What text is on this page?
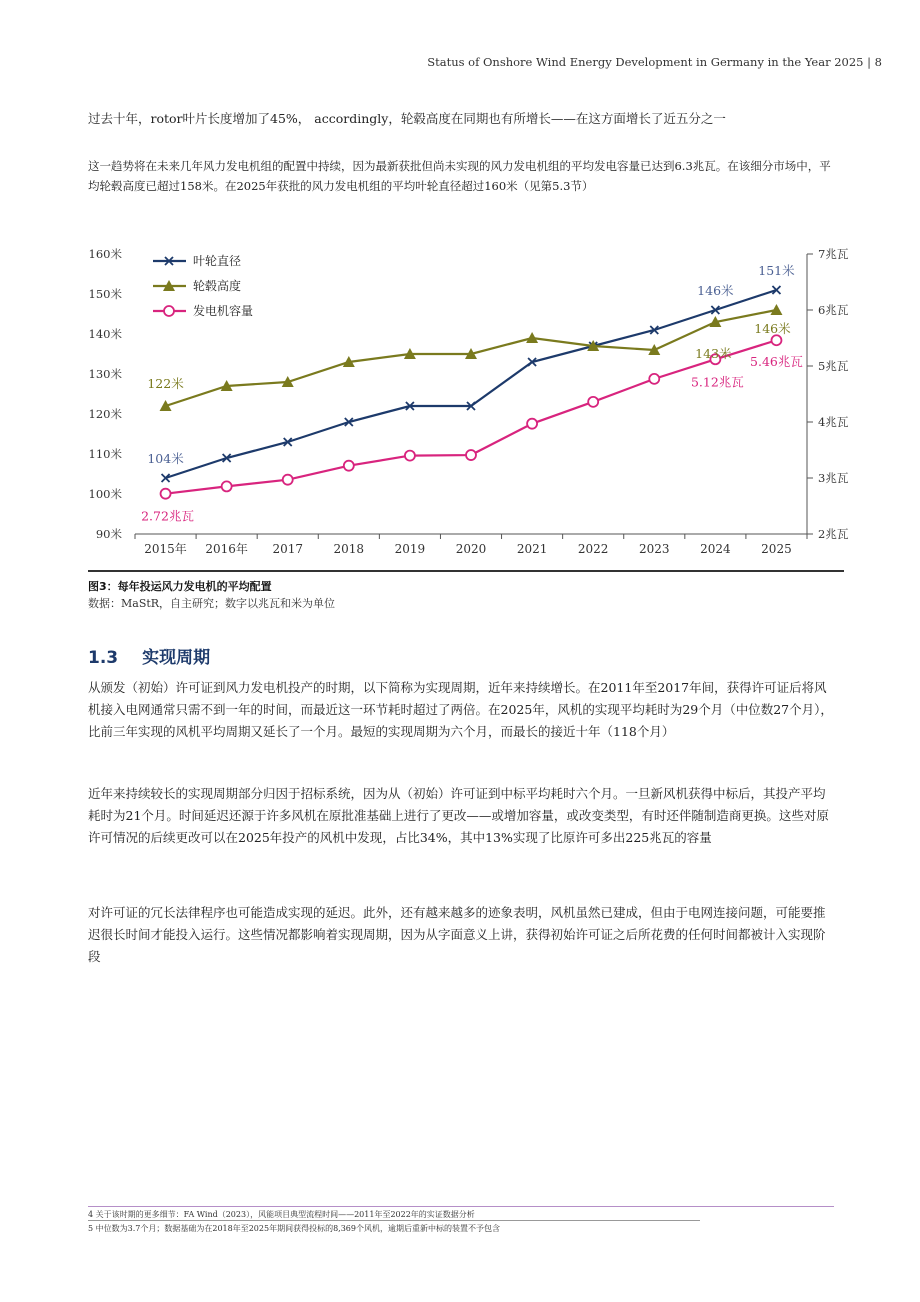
Status of Onshore Wind Energy Development in Germany in the Year 2025 | 8
过去十年，rotor叶片长度增加了45%， accordingly，轮毂高度在同期也有所增长——在这方面增长了近五分之一
这一趋势将在未来几年风力发电机组的配置中持续，因为最新获批但尚未实现的风力发电机组的平均发电容量已达到6.3兆瓦。在该细分市场中，平均轮毂高度已超过158米。在2025年获批的风力发电机组的平均叶轮直径超过160米（见第5.3节）
160米
150米
140米
130米
120米
110米
100米
90米
7兆瓦
6兆瓦
5兆瓦
4兆瓦
3兆瓦
2兆瓦
2015年 2016年 2017	2018	2019	2020	2021	2022	2023	2024	2025
104米
146米
151米
122米
143米
146米
2.72兆瓦
5.12兆瓦
5.46兆瓦
叶轮直径
轮毂高度
发电机容量
图3：每年投运风力发电机的平均配置
数据：MaStR，自主研究；数字以兆瓦和米为单位
1.3 实现周期
从颁发（初始）许可证到风力发电机投产的时期，以下简称为实现周期，近年来持续增长。在2011年至2017年间，获得许可证后将风机接入电网通常只需不到一年的时间，而最近这一环节耗时超过了两倍。在2025年，风机的实现平均耗时为29个月（中位数27个月），比前三年实现的风机平均周期又延长了一个月。最短的实现周期为六个月，而最长的接近十年（118个月）
近年来持续较长的实现周期部分归因于招标系统，因为从（初始）许可证到中标平均耗时六个月。一旦新风机获得中标后，其投产平均耗时为21个月。时间延迟还源于许多风机在原批准基础上进行了更改——或增加容量，或改变类型，有时还伴随制造商更换。这些对原许可情况的后续更改可以在2025年投产的风机中发现，占比34%，其中13%实现了比原许可多出225兆瓦的容量
对许可证的冗长法律程序也可能造成实现的延迟。此外，还有越来越多的迹象表明，风机虽然已建成，但由于电网连接问题，可能要推迟很长时间才能投入运行。这些情况都影响着实现周期，因为从字面意义上讲，获得初始许可证之后所花费的任何时间都被计入实现阶段
4 关于该时期的更多细节：FA Wind（2023），风能项目典型流程时间——2011年至2022年的实证数据分析
5 中位数为3.7个月；数据基础为在2018年至2025年期间获得投标的8,369个风机，逾期后重新中标的装置不予包含
